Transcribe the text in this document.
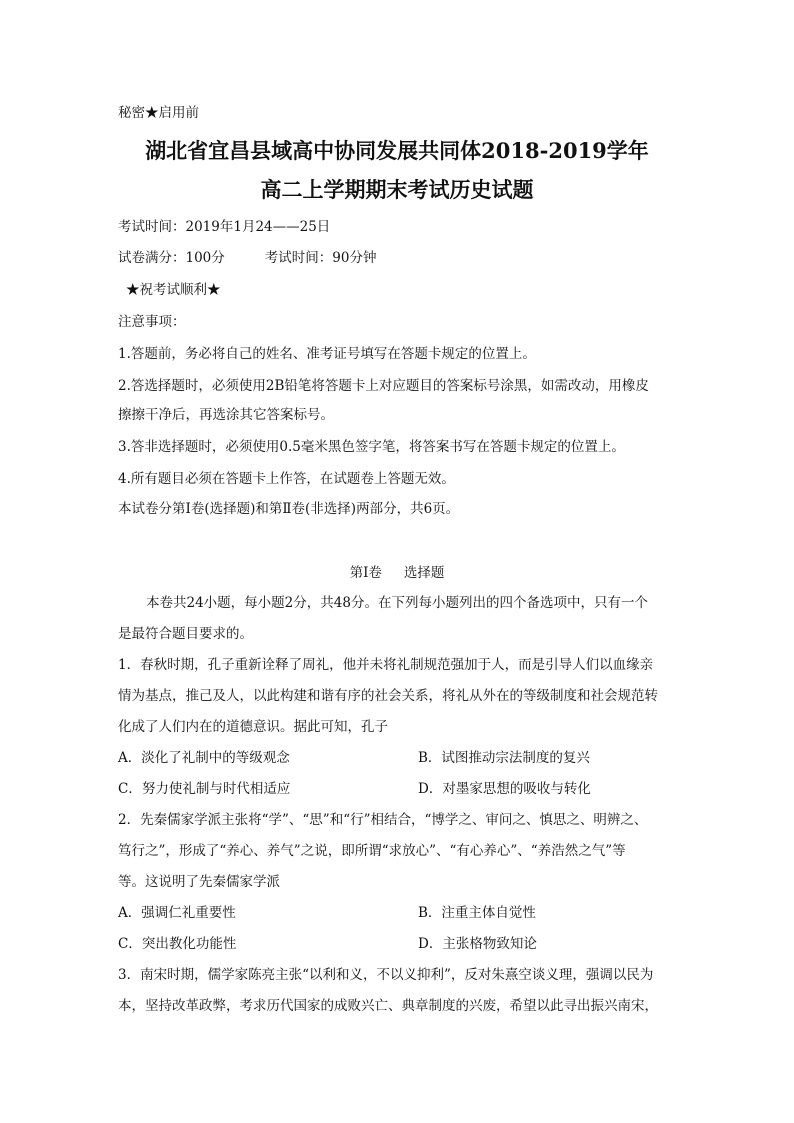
秘密★启用前
湖北省宜昌县域高中协同发展共同体2018-2019学年
高二上学期期末考试历史试题
考试时间：2019年1月24——25日
试卷满分：100分	考试时间：90分钟
★祝考试顺利★
注意事项：
1.答题前，务必将自己的姓名、准考证号填写在答题卡规定的位置上。
2.答选择题时，必须使用2B铅笔将答题卡上对应题目的答案标号涂黑，如需改动，用橡皮
擦擦干净后，再选涂其它答案标号。
3.答非选择题时，必须使用0.5毫米黑色签字笔，将答案书写在答题卡规定的位置上。
4.所有题目必须在答题卡上作答，在试题卷上答题无效。
本试卷分第Ⅰ卷(选择题)和第Ⅱ卷(非选择)两部分，共6页。
第Ⅰ卷 选择题
本卷共24小题，每小题2分，共48分。在下列每小题列出的四个备选项中，只有一个
是最符合题目要求的。
1．春秋时期，孔子重新诠释了周礼，他并未将礼制规范强加于人，而是引导人们以血缘亲
情为基点，推己及人，以此构建和谐有序的社会关系，将礼从外在的等级制度和社会规范转
化成了人们内在的道德意识。据此可知，孔子
A．淡化了礼制中的等级观念	B．试图推动宗法制度的复兴
C．努力使礼制与时代相适应	D．对墨家思想的吸收与转化
2．先秦儒家学派主张将“学”、“思”和“行”相结合，“博学之、审问之、慎思之、明辨之、
笃行之”，形成了“养心、养气”之说，即所谓“求放心”、“有心养心”、“养浩然之气”等
等。这说明了先秦儒家学派
A．强调仁礼重要性	B．注重主体自觉性
C．突出教化功能性	D．主张格物致知论
3．南宋时期，儒学家陈亮主张“以利和义，不以义抑利”，反对朱熹空谈义理，强调以民为
本，坚持改革政弊，考求历代国家的成败兴亡、典章制度的兴废，希望以此寻出振兴南宋，
